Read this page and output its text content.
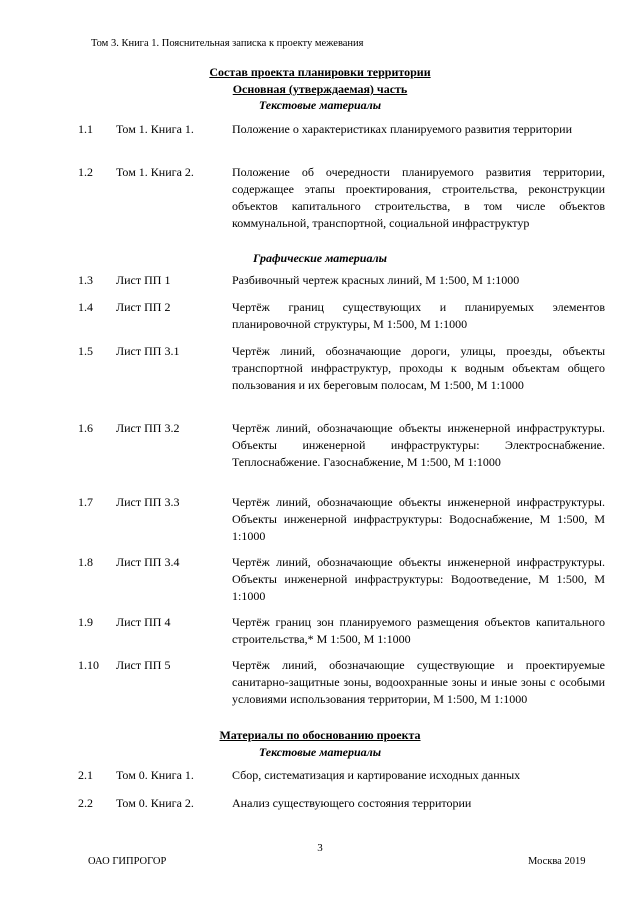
Том 3. Книга 1. Пояснительная записка к проекту межевания
Состав проекта планировки территории
Основная (утверждаемая) часть
Текстовые материалы
1.1 Том 1. Книга 1.	Положение о характеристиках планируемого развития территории
1.2 Том 1. Книга 2.	Положение об очередности планируемого развития территории, содержащее этапы проектирования, строительства, реконструкции объектов капитального строительства, в том числе объектов коммунальной, транспортной, социальной инфраструктур
Графические материалы
1.3 Лист ПП 1	Разбивочный чертеж красных линий, М 1:500, М 1:1000
1.4 Лист ПП 2	Чертёж границ существующих и планируемых элементов планировочной структуры, М 1:500, М 1:1000
1.5 Лист ПП 3.1	Чертёж линий, обозначающие дороги, улицы, проезды, объекты транспортной инфраструктур, проходы к водным объектам общего пользования и их береговым полосам, М 1:500, М 1:1000
1.6 Лист ПП 3.2	Чертёж линий, обозначающие объекты инженерной инфраструктуры. Объекты инженерной инфраструктуры: Электроснабжение. Теплоснабжение. Газоснабжение, М 1:500, М 1:1000
1.7 Лист ПП 3.3	Чертёж линий, обозначающие объекты инженерной инфраструктуры. Объекты инженерной инфраструктуры: Водоснабжение, М 1:500, М 1:1000
1.8 Лист ПП 3.4	Чертёж линий, обозначающие объекты инженерной инфраструктуры. Объекты инженерной инфраструктуры: Водоотведение, М 1:500, М 1:1000
1.9 Лист ПП 4	Чертёж границ зон планируемого размещения объектов капитального строительства,* М 1:500, М 1:1000
1.10 Лист ПП 5	Чертёж линий, обозначающие существующие и проектируемые санитарно-защитные зоны, водоохранные зоны и иные зоны с особыми условиями использования территории, М 1:500, М 1:1000
Материалы по обоснованию проекта
Текстовые материалы
2.1 Том 0. Книга 1.	Сбор, систематизация и картирование исходных данных
2.2 Том 0. Книга 2.	Анализ существующего состояния территории
3
ОАО ГИПРОГОР	Москва 2019
